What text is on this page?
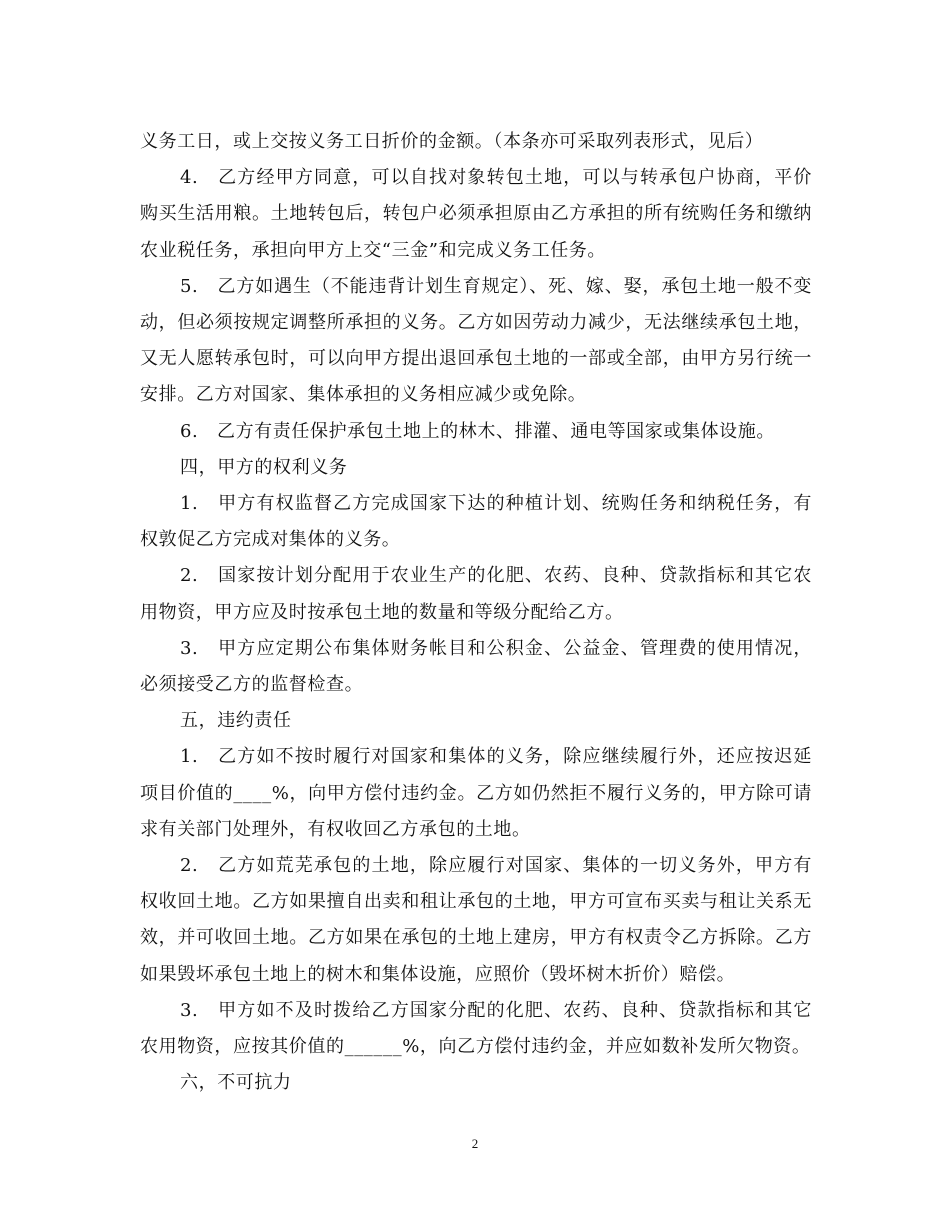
义务工日，或上交按义务工日折价的金额。（本条亦可采取列表形式，见后）

4.　乙方经甲方同意，可以自找对象转包土地，可以与转承包户协商，平价购买生活用粮。土地转包后，转包户必须承担原由乙方承担的所有统购任务和缴纳农业税任务，承担向甲方上交“三金”和完成义务工任务。

5.　乙方如遇生（不能违背计划生育规定）、死、嫁、娶，承包土地一般不变动，但必须按规定调整所承担的义务。乙方如因劳动力减少，无法继续承包土地，又无人愿转承包时，可以向甲方提出退回承包土地的一部或全部，由甲方另行统一安排。乙方对国家、集体承担的义务相应减少或免除。

6.　乙方有责任保护承包土地上的林木、排灌、通电等国家或集体设施。

四，甲方的权利义务

1.　甲方有权监督乙方完成国家下达的种植计划、统购任务和纳税任务，有权敦促乙方完成对集体的义务。

2.　国家按计划分配用于农业生产的化肥、农药、良种、贷款指标和其它农用物资，甲方应及时按承包土地的数量和等级分配给乙方。

3.　甲方应定期公布集体财务帐目和公积金、公益金、管理费的使用情况，必须接受乙方的监督检查。

五，违约责任

1.　乙方如不按时履行对国家和集体的义务，除应继续履行外，还应按迟延项目价值的____%，向甲方偿付违约金。乙方如仍然拒不履行义务的，甲方除可请求有关部门处理外，有权收回乙方承包的土地。

2.　乙方如荒芜承包的土地，除应履行对国家、集体的一切义务外，甲方有权收回土地。乙方如果擅自出卖和租让承包的土地，甲方可宣布买卖与租让关系无效，并可收回土地。乙方如果在承包的土地上建房，甲方有权责令乙方拆除。乙方如果毁坏承包土地上的树木和集体设施，应照价（毁坏树木折价）赔偿。

3.　甲方如不及时拨给乙方国家分配的化肥、农药、良种、贷款指标和其它农用物资，应按其价值的______%，向乙方偿付违约金，并应如数补发所欠物资。

六，不可抗力

2
